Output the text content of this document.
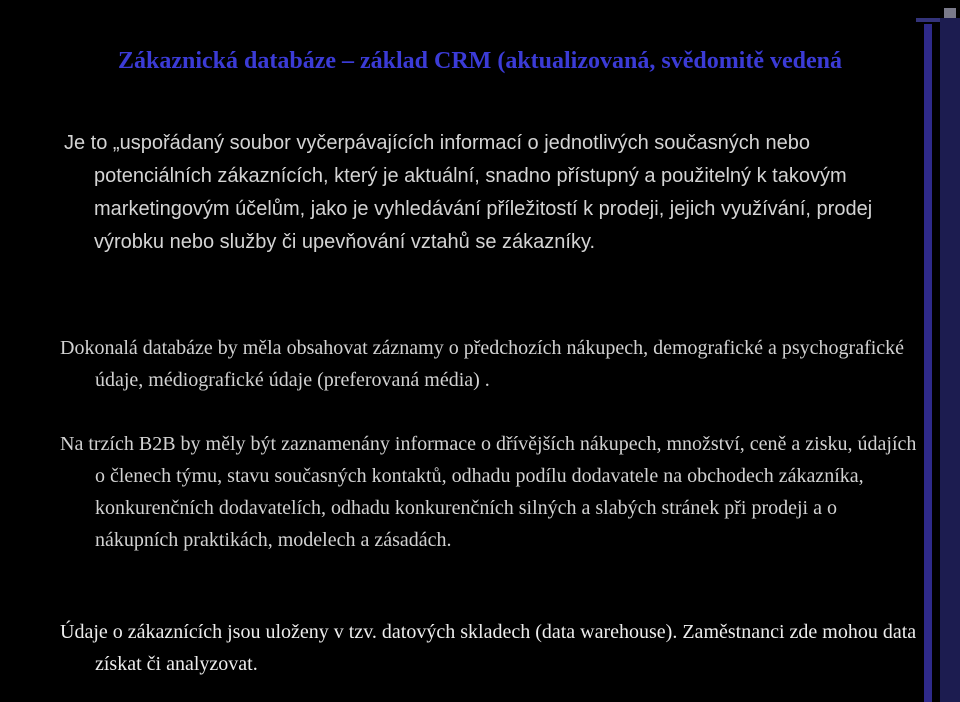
Zákaznická databáze – základ CRM (aktualizovaná, svědomitě vedená
Je to „uspořádaný soubor vyčerpávajících informací o jednotlivých současných nebo potenciálních zákaznících, který je aktuální, snadno přístupný a použitelný k takovým marketingovým účelům, jako je vyhledávání příležitostí k prodeji, jejich využívání, prodej výrobku nebo služby či upevňování vztahů se zákazníky.
Dokonalá databáze by měla obsahovat záznamy o předchozích nákupech, demografické a psychografické údaje, médiografické údaje (preferovaná média) .
Na trzích B2B by měly být zaznamenány informace o dřívějších nákupech, množství, ceně a zisku, údajích o členech týmu, stavu současných kontaktů, odhadu podílu dodavatele na obchodech zákazníka, konkurenčních dodavatelích, odhadu konkurenčních silných a slabých stránek při prodeji a o nákupních praktikách, modelech a zásadách.
Údaje o zákaznících jsou uloženy v tzv. datových skladech (data warehouse). Zaměstnanci zde mohou data získat či analyzovat.
